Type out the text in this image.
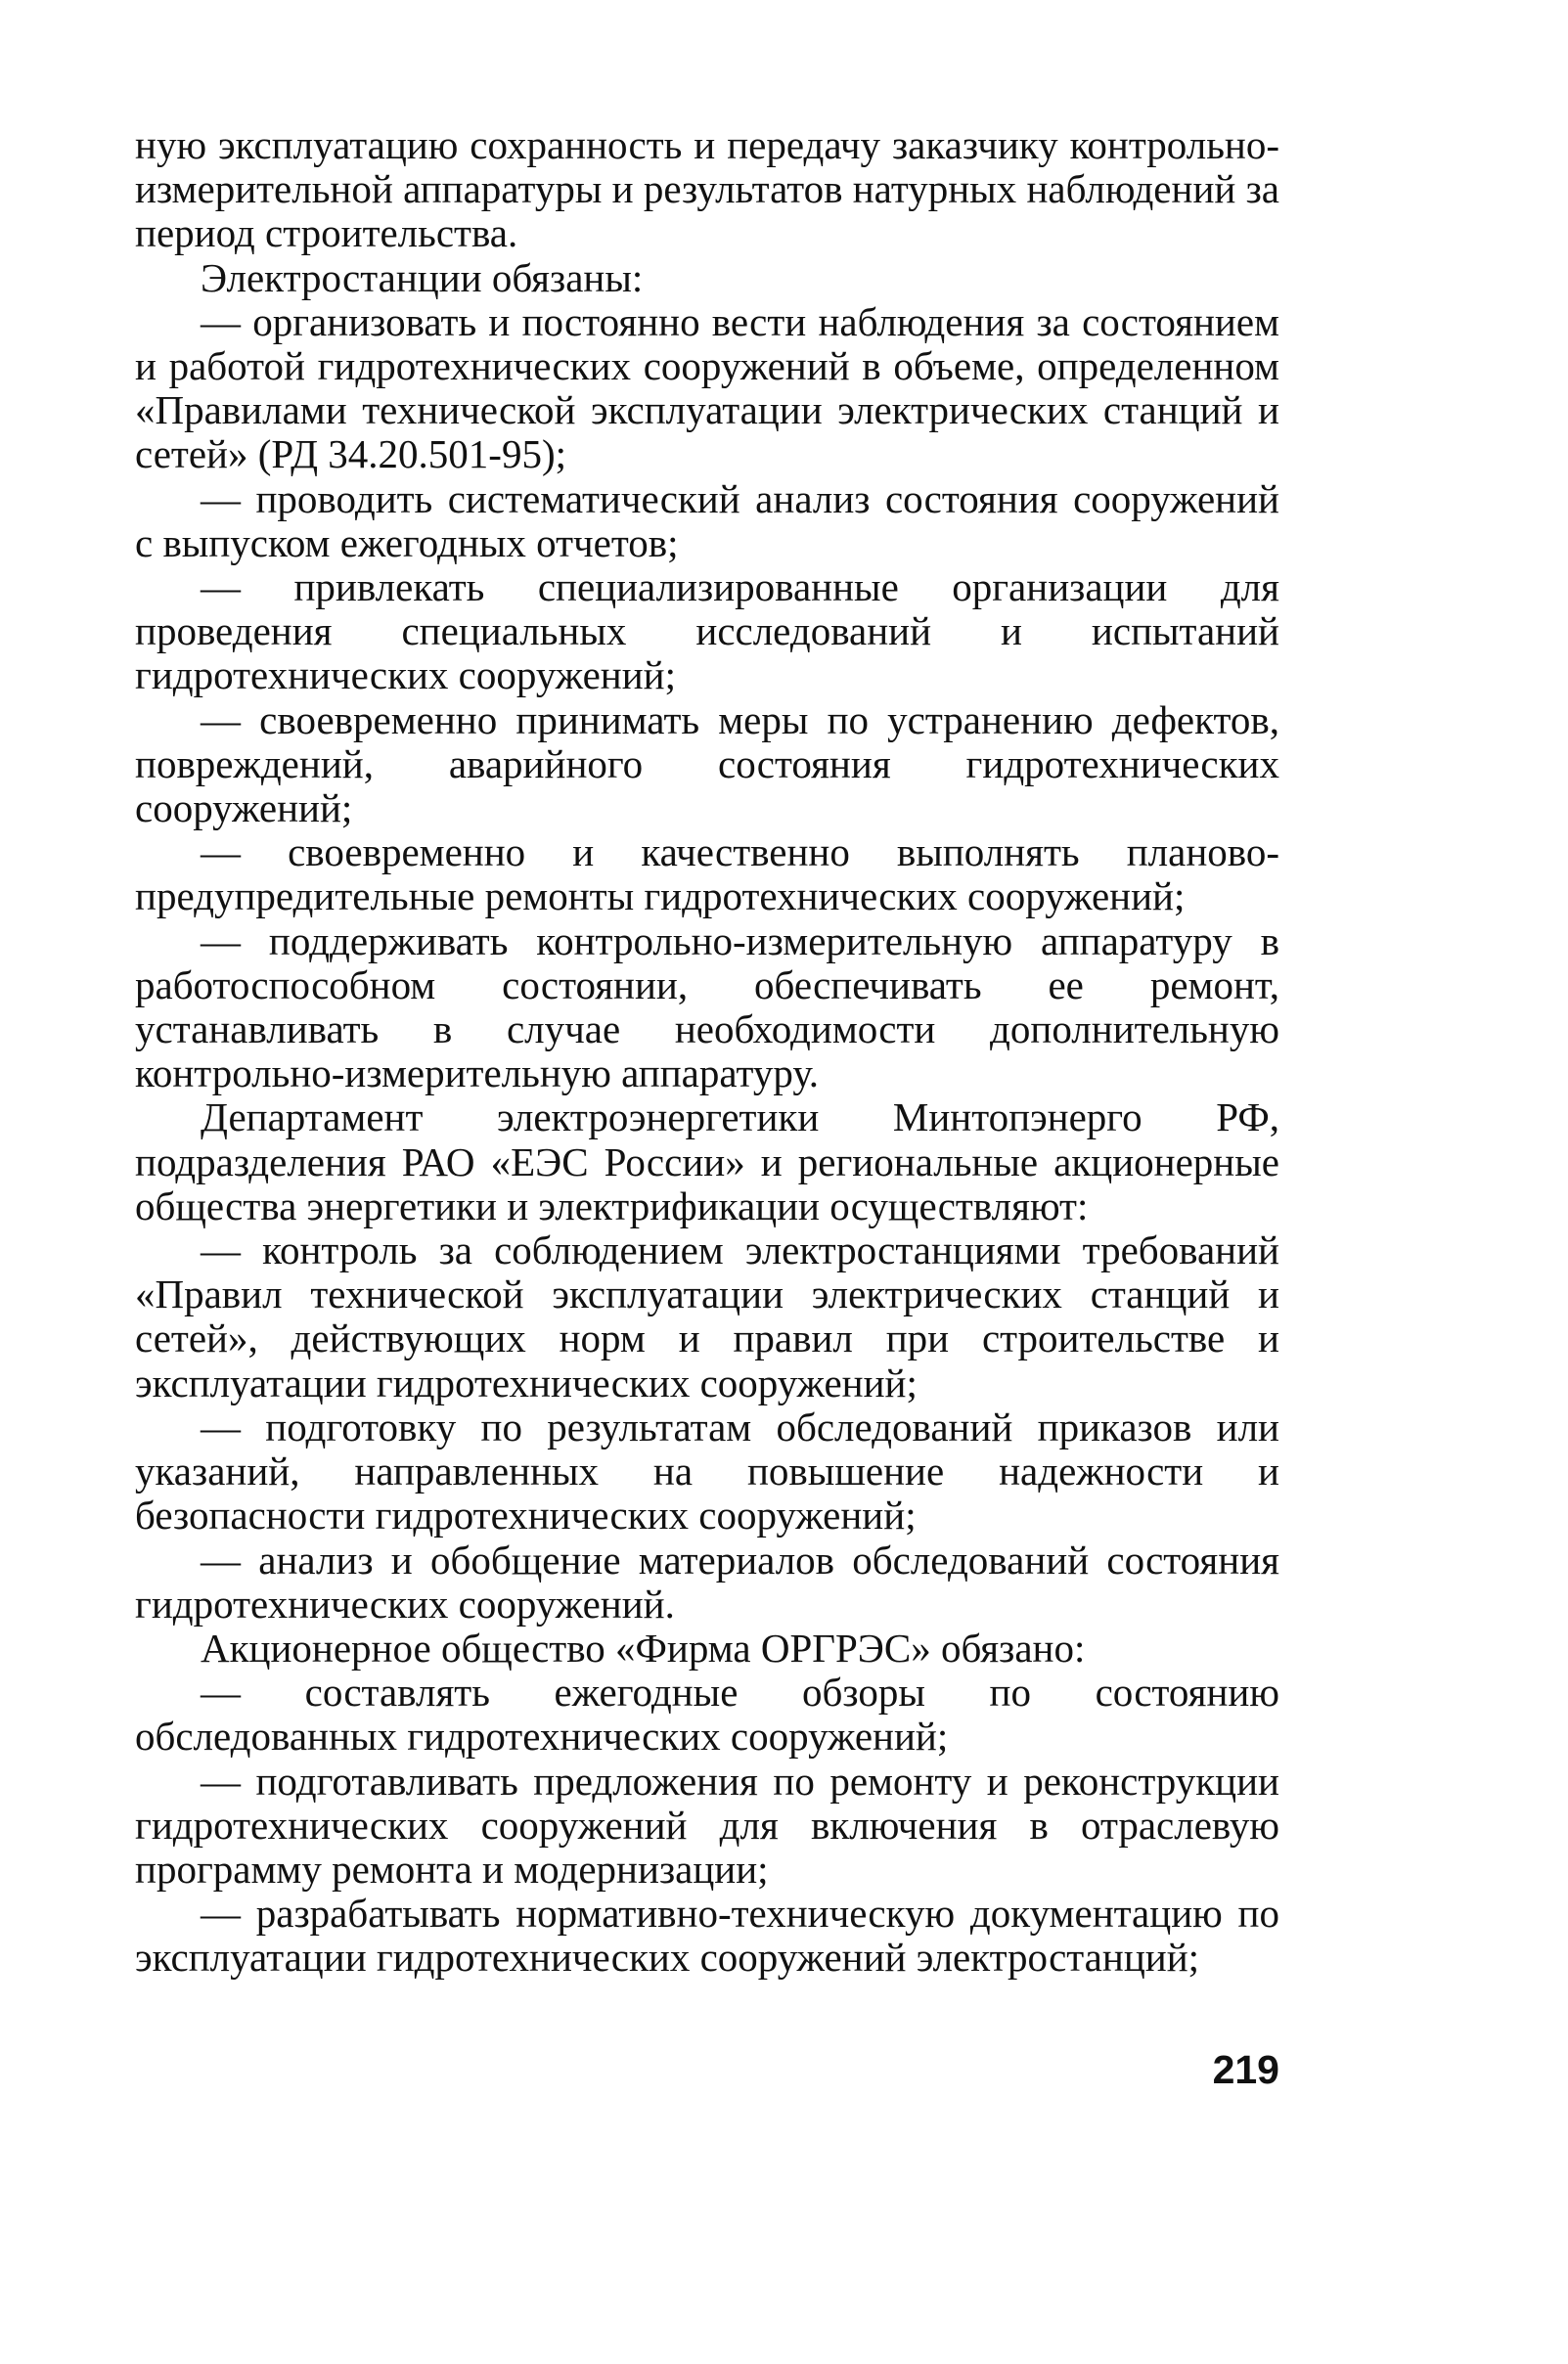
ную эксплуатацию сохранность и передачу заказчику контрольно-измерительной аппаратуры и результатов натурных наблюдений за период строительства.

Электростанции обязаны:

— организовать и постоянно вести наблюдения за состоянием и работой гидротехнических сооружений в объеме, определенном «Правилами технической эксплуатации электрических станций и сетей» (РД 34.20.501-95);

— проводить систематический анализ состояния сооружений с выпуском ежегодных отчетов;

— привлекать специализированные организации для проведения специальных исследований и испытаний гидротехнических сооружений;

— своевременно принимать меры по устранению дефектов, повреждений, аварийного состояния гидротехнических сооружений;

— своевременно и качественно выполнять планово-предупредительные ремонты гидротехнических сооружений;

— поддерживать контрольно-измерительную аппаратуру в работоспособном состоянии, обеспечивать ее ремонт, устанавливать в случае необходимости дополнительную контрольно-измерительную аппаратуру.

Департамент электроэнергетики Минтопэнерго РФ, подразделения РАО «ЕЭС России» и региональные акционерные общества энергетики и электрификации осуществляют:

— контроль за соблюдением электростанциями требований «Правил технической эксплуатации электрических станций и сетей», действующих норм и правил при строительстве и эксплуатации гидротехнических сооружений;

— подготовку по результатам обследований приказов или указаний, направленных на повышение надежности и безопасности гидротехнических сооружений;

— анализ и обобщение материалов обследований состояния гидротехнических сооружений.

Акционерное общество «Фирма ОРГРЭС» обязано:

— составлять ежегодные обзоры по состоянию обследованных гидротехнических сооружений;

— подготавливать предложения по ремонту и реконструкции гидротехнических сооружений для включения в отраслевую программу ремонта и модернизации;

— разрабатывать нормативно-техническую документацию по эксплуатации гидротехнических сооружений электростанций;

219
